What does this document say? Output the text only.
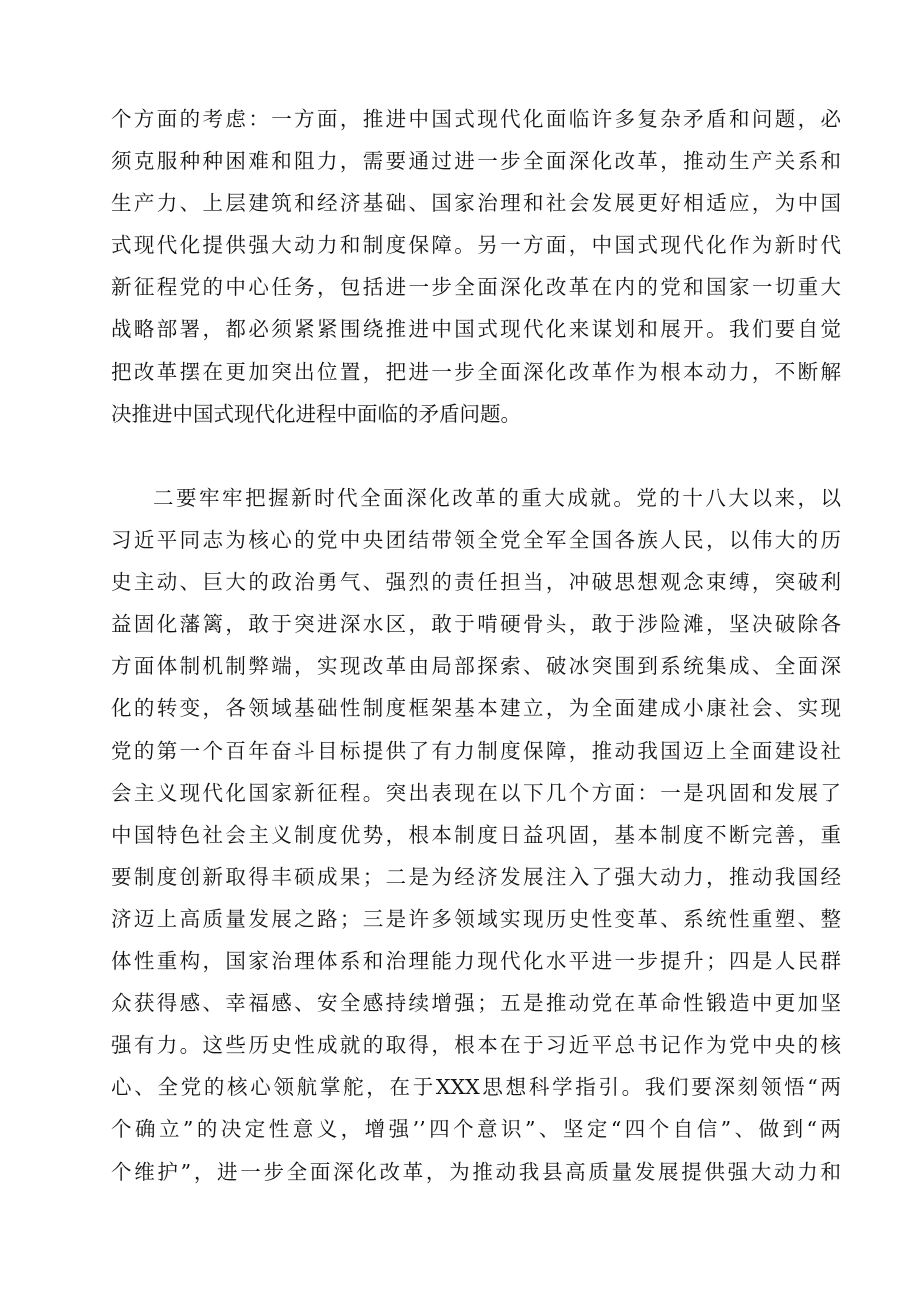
个方面的考虑：一方面，推进中国式现代化面临许多复杂矛盾和问题，必
须克服种种困难和阻力，需要通过进一步全面深化改革，推动生产关系和
生产力、上层建筑和经济基础、国家治理和社会发展更好相适应，为中国
式现代化提供强大动力和制度保障。另一方面，中国式现代化作为新时代
新征程党的中心任务，包括进一步全面深化改革在内的党和国家一切重大
战略部署，都必须紧紧围绕推进中国式现代化来谋划和展开。我们要自觉
把改革摆在更加突出位置，把进一步全面深化改革作为根本动力，不断解
决推进中国式现代化进程中面临的矛盾问题。
二要牢牢把握新时代全面深化改革的重大成就。党的十八大以来，以
习近平同志为核心的党中央团结带领全党全军全国各族人民，以伟大的历
史主动、巨大的政治勇气、强烈的责任担当，冲破思想观念束缚，突破利
益固化藩篱，敢于突进深水区，敢于啃硬骨头，敢于涉险滩，坚决破除各
方面体制机制弊端，实现改革由局部探索、破冰突围到系统集成、全面深
化的转变，各领域基础性制度框架基本建立，为全面建成小康社会、实现
党的第一个百年奋斗目标提供了有力制度保障，推动我国迈上全面建设社
会主义现代化国家新征程。突出表现在以下几个方面：一是巩固和发展了
中国特色社会主义制度优势，根本制度日益巩固，基本制度不断完善，重
要制度创新取得丰硕成果；二是为经济发展注入了强大动力，推动我国经
济迈上高质量发展之路；三是许多领域实现历史性变革、系统性重塑、整
体性重构，国家治理体系和治理能力现代化水平进一步提升；四是人民群
众获得感、幸福感、安全感持续增强；五是推动党在革命性锻造中更加坚
强有力。这些历史性成就的取得，根本在于习近平总书记作为党中央的核
心、全党的核心领航掌舵，在于XXX思想科学指引。我们要深刻领悟“两
个确立”的决定性意义，增强’’四个意识”、坚定“四个自信”、做到“两
个维护”，进一步全面深化改革，为推动我县高质量发展提供强大动力和
